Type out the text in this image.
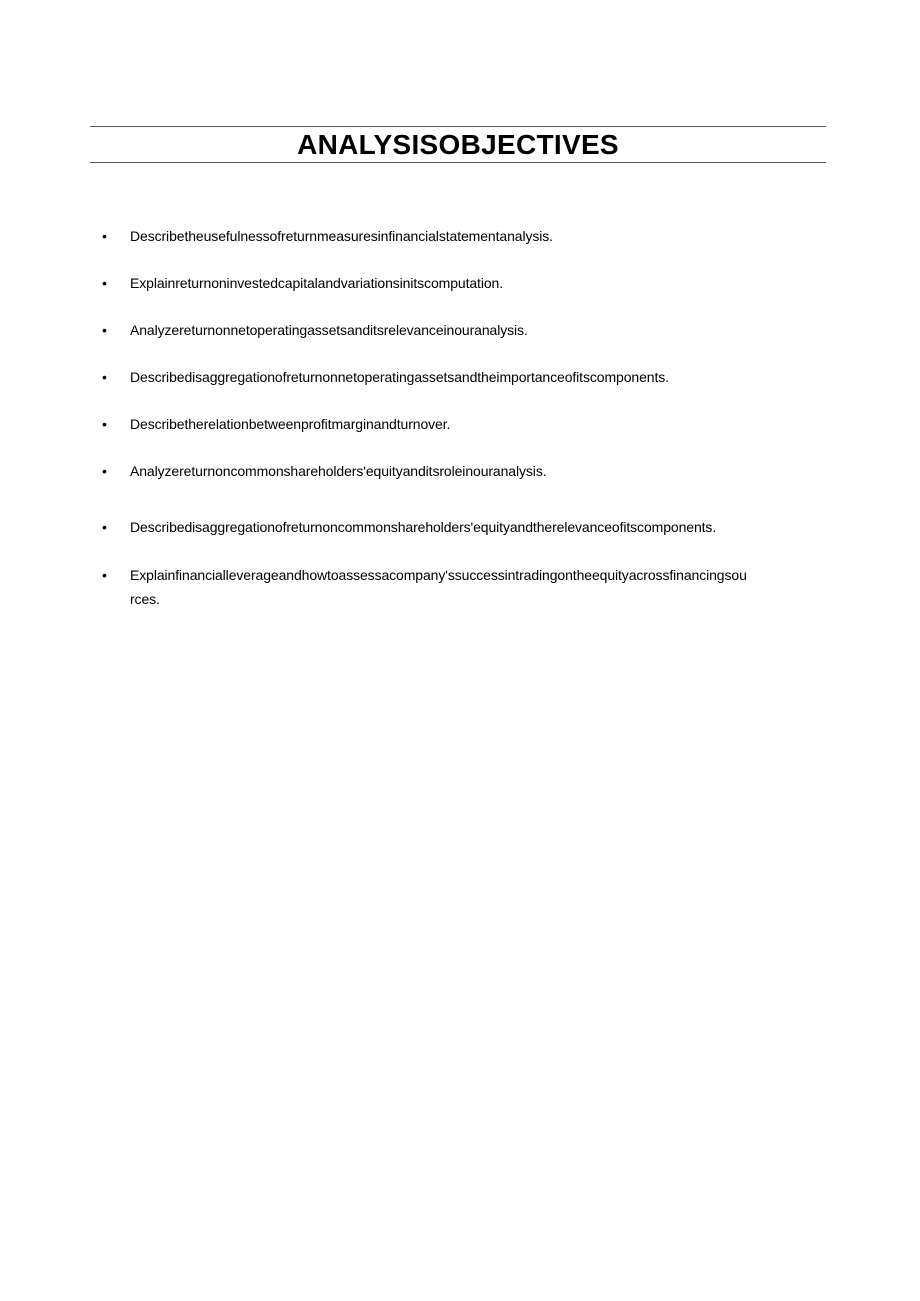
ANALYSISOBJECTIVES
•	Describetheusefulnessofreturnmeasuresinfinancialstatementanalysis.
•	Explainreturnoninvestedcapitalandvariationsinitscomputation.
•	Analyzereturnonnetoperatingassetsanditsrelevanceinouranalysis.
•	Describedisaggregationofreturnonnetoperatingassetsandtheimportanceofitscomponents.
•	Describetherelationbetweenprofitmarginandturnover.
•	Analyzereturnoncommonshareholders'equityanditsroleinouranalysis.
•	Describedisaggregationofreturnoncommonshareholders'equityandtherelevanceofitscomponents.
•	Explainfinancialleverageandhowtoassessacompany'ssuccessintradingontheequityacrossfinancingsou
rces.
